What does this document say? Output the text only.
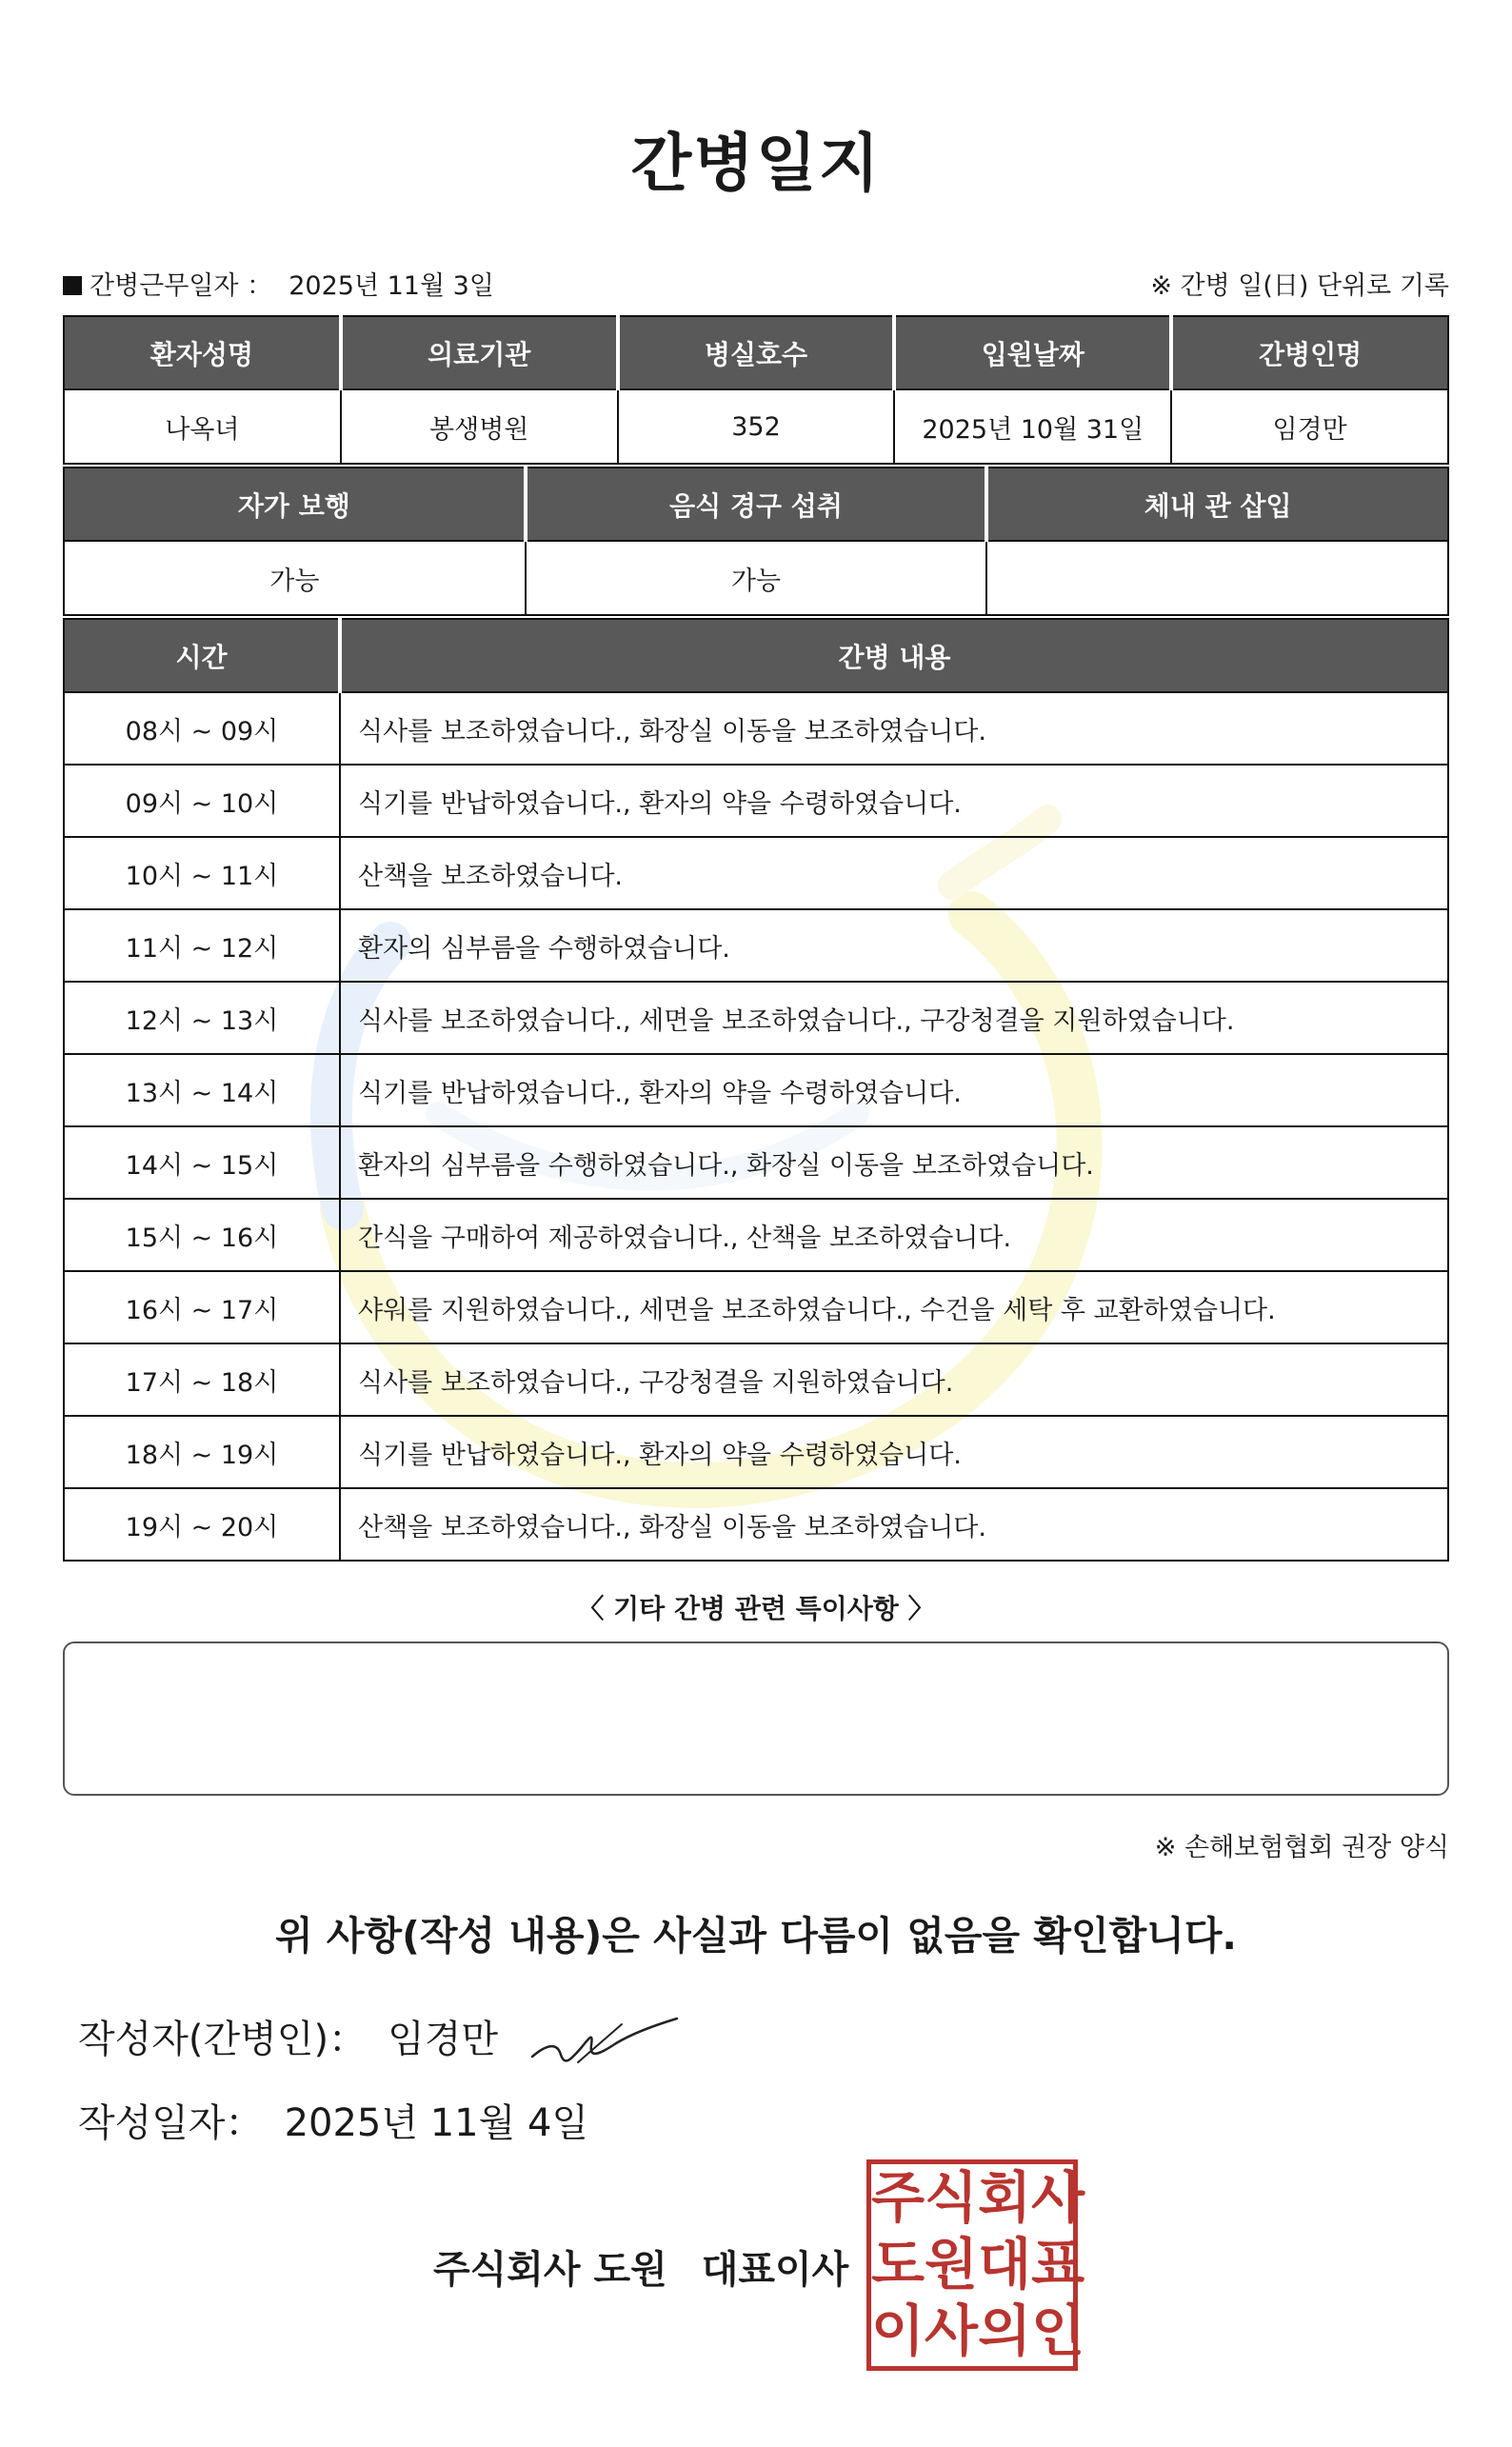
간병일지
간병근무일자 ： 2025년 11월 3일	※ 간병 일(日) 단위로 기록
환자성명	의료기관	병실호수	입원날짜	간병인명
나옥녀	봉생병원	352	2025년 10월 31일	임경만
자가 보행	음식 경구 섭취	체내 관 삽입
가능	가능	
시간	간병 내용
08시 ~ 09시	식사를 보조하였습니다., 화장실 이동을 보조하였습니다.
09시 ~ 10시	식기를 반납하였습니다., 환자의 약을 수령하였습니다.
10시 ~ 11시	산책을 보조하였습니다.
11시 ~ 12시	환자의 심부름을 수행하였습니다.
12시 ~ 13시	식사를 보조하였습니다., 세면을 보조하였습니다., 구강청결을 지원하였습니다.
13시 ~ 14시	식기를 반납하였습니다., 환자의 약을 수령하였습니다.
14시 ~ 15시	환자의 심부름을 수행하였습니다., 화장실 이동을 보조하였습니다.
15시 ~ 16시	간식을 구매하여 제공하였습니다., 산책을 보조하였습니다.
16시 ~ 17시	샤워를 지원하였습니다., 세면을 보조하였습니다., 수건을 세탁 후 교환하였습니다.
17시 ~ 18시	식사를 보조하였습니다., 구강청결을 지원하였습니다.
18시 ~ 19시	식기를 반납하였습니다., 환자의 약을 수령하였습니다.
19시 ~ 20시	산책을 보조하였습니다., 화장실 이동을 보조하였습니다.
〈 기타 간병 관련 특이사항 〉
※ 손해보험협회 권장 양식
위 사항(작성 내용)은 사실과 다름이 없음을 확인합니다.
작성자(간병인)： 임경만
작성일자： 2025년 11월 4일
주식회사 도원 대표이사
주 식 회 사
도 원 대 표
이 사 의 인
